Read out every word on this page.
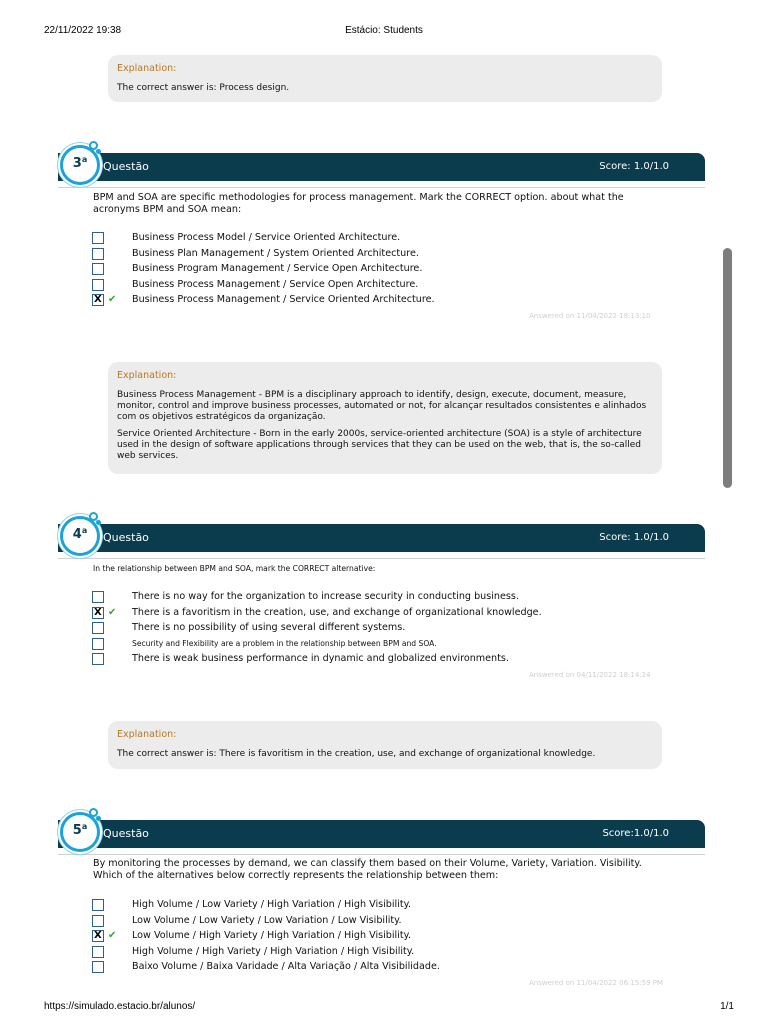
22/11/2022 19:38	Estácio: Students
Explanation:

The correct answer is: Process design.

3$^a$
Questão	Score: 1.0/1.0
BPM and SOA are specific methodologies for process management. Mark the CORRECT option. about what the acronyms BPM and SOA mean:
Business Process Model / Service Oriented Architecture.
Business Plan Management / System Oriented Architecture.
Business Program Management / Service Open Architecture.
Business Process Management / Service Open Architecture.
X
✔ Business Process Management / Service Oriented Architecture.
Answered on 11/04/2022 18:13:10
Explanation:

Business Process Management - BPM is a disciplinary approach to identify, design, execute, document, measure, monitor, control and improve business processes, automated or not, for alcançar resultados consistentes e alinhados com os objetivos estratégicos da organização.

Service Oriented Architecture - Born in the early 2000s, service-oriented architecture (SOA) is a style of architecture used in the design of software applications through services that they can be used on the web, that is, the so-called web services.

4$^a$
Questão	Score: 1.0/1.0
In the relationship between BPM and SOA, mark the CORRECT alternative:
There is no way for the organization to increase security in conducting business.
X
✔ There is a favoritism in the creation, use, and exchange of organizational knowledge.
There is no possibility of using several different systems.
Security and Flexibility are a problem in the relationship between BPM and SOA.
There is weak business performance in dynamic and globalized environments.
Answered on 04/11/2022 18:14:24
Explanation:

The correct answer is: There is favoritism in the creation, use, and exchange of organizational knowledge.

5$^a$
Questão	Score:1.0/1.0
By monitoring the processes by demand, we can classify them based on their Volume, Variety, Variation. Visibility. Which of the alternatives below correctly represents the relationship between them:
High Volume / Low Variety / High Variation / High Visibility.
Low Volume / Low Variety / Low Variation / Low Visibility.
X
✔ Low Volume / High Variety / High Variation / High Visibility.
High Volume / High Variety / High Variation / High Visibility.
Baixo Volume / Baixa Varidade / Alta Variação / Alta Visibilidade.
Answered on 11/04/2022 06:15:59 PM
https://simulado.estacio.br/alunos/	1/1
